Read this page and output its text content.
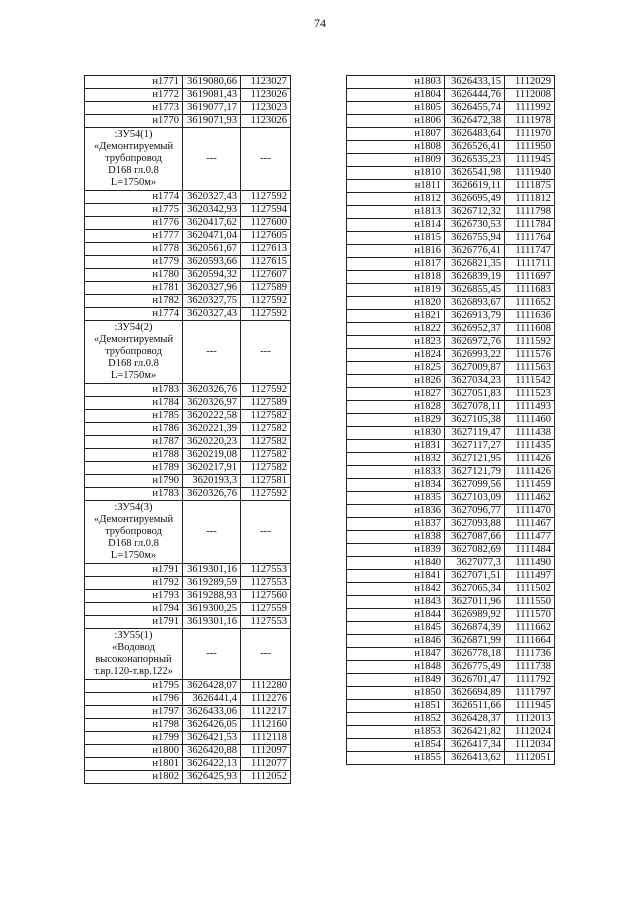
74
н1771	3619080,66	1123027
н1772	3619081,43	1123026
н1773	3619077,17	1123023
н1770	3619071,93	1123026

:ЗУ54(1)
«Демонтируемый
трубопровод
D168 гл.0.8
L=1750м»	---	---
н1774	3620327,43	1127592
н1775	3620342,93	1127594
н1776	3620417,62	1127600
н1777	3620471,04	1127605
н1778	3620561,67	1127613
н1779	3620593,66	1127615
н1780	3620594,32	1127607
н1781	3620327,96	1127589
н1782	3620327,75	1127592
н1774	3620327,43	1127592

:ЗУ54(2)
«Демонтируемый
трубопровод
D168 гл.0.8
L=1750м»	---	---
н1783	3620326,76	1127592
н1784	3620326,97	1127589
н1785	3620222,58	1127582
н1786	3620221,39	1127582
н1787	3620220,23	1127582
н1788	3620219,08	1127582
н1789	3620217,91	1127582
н1790	3620193,3	1127581
н1783	3620326,76	1127592

:ЗУ54(3)
«Демонтируемый
трубопровод
D168 гл.0.8
L=1750м»	---	---
н1791	3619301,16	1127553
н1792	3619289,59	1127553
н1793	3619288,93	1127560
н1794	3619300,25	1127559
н1791	3619301,16	1127553

:ЗУ55(1)
«Водовод
высоконапорный
т.вр.120-т.вр.122»	---	---
н1795	3626428,07	1112280
н1796	3626441,4	1112276
н1797	3626433,06	1112217
н1798	3626426,05	1112160
н1799	3626421,53	1112118
н1800	3626420,88	1112097
н1801	3626422,13	1112077
н1802	3626425,93	1112052
н1803	3626433,15	1112029
н1804	3626444,76	1112008
н1805	3626455,74	1111992
н1806	3626472,38	1111978
н1807	3626483,64	1111970
н1808	3626526,41	1111950
н1809	3626535,23	1111945
н1810	3626541,98	1111940
н1811	3626619,11	1111875
н1812	3626695,49	1111812
н1813	3626712,32	1111798
н1814	3626730,53	1111784
н1815	3626755,94	1111764
н1816	3626776,41	1111747
н1817	3626821,35	1111711
н1818	3626839,19	1111697
н1819	3626855,45	1111683
н1820	3626893,67	1111652
н1821	3626913,79	1111636
н1822	3626952,37	1111608
н1823	3626972,76	1111592
н1824	3626993,22	1111576
н1825	3627009,87	1111563
н1826	3627034,23	1111542
н1827	3627051,83	1111523
н1828	3627078,11	1111493
н1829	3627105,38	1111460
н1830	3627119,47	1111438
н1831	3627117,27	1111435
н1832	3627121,95	1111426
н1833	3627121,79	1111426
н1834	3627099,56	1111459
н1835	3627103,09	1111462
н1836	3627096,77	1111470
н1837	3627093,88	1111467
н1838	3627087,66	1111477
н1839	3627082,69	1111484
н1840	3627077,3	1111490
н1841	3627071,51	1111497
н1842	3627065,34	1111502
н1843	3627011,96	1111550
н1844	3626989,92	1111570
н1845	3626874,39	1111662
н1846	3626871,99	1111664
н1847	3626778,18	1111736
н1848	3626775,49	1111738
н1849	3626701,47	1111792
н1850	3626694,89	1111797
н1851	3626511,66	1111945
н1852	3626428,37	1112013
н1853	3626421,82	1112024
н1854	3626417,34	1112034
н1855	3626413,62	1112051
